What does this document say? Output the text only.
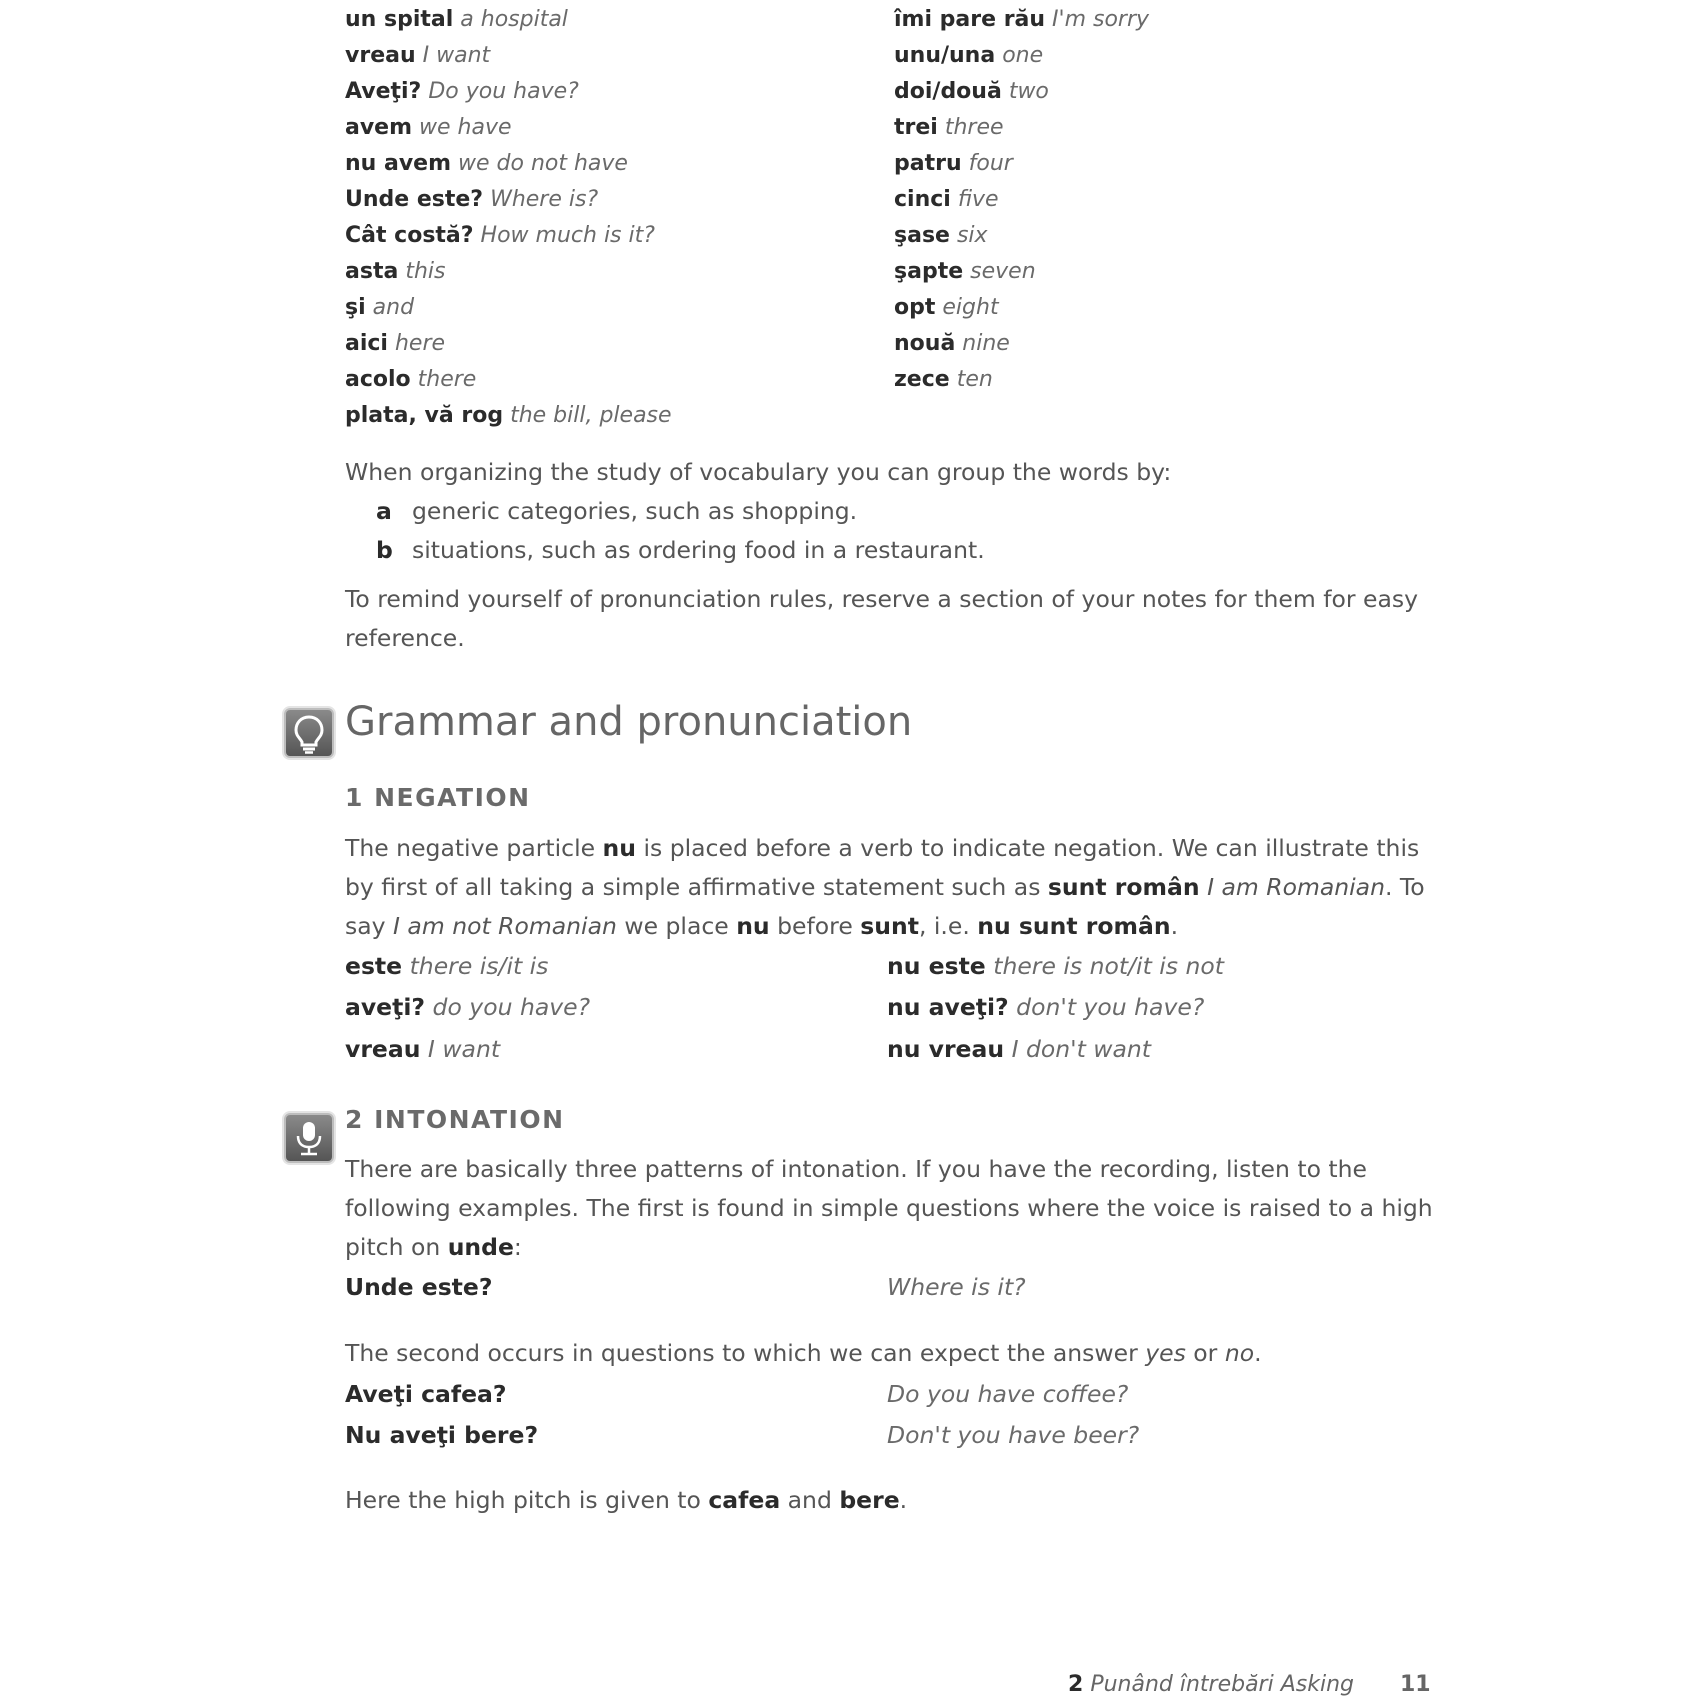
un spital a hospital
vreau I want
Aveţi? Do you have?
avem we have
nu avem we do not have
Unde este? Where is?
Cât costă? How much is it?
asta this
şi and
aici here
acolo there
plata, vă rog the bill, please
îmi pare rău I'm sorry
unu/una one
doi/două two
trei three
patru four
cinci five
şase six
şapte seven
opt eight
nouă nine
zece ten
When organizing the study of vocabulary you can group the words by:
a generic categories, such as shopping.
b situations, such as ordering food in a restaurant.
To remind yourself of pronunciation rules, reserve a section of your notes for them for easy reference.
Grammar and pronunciation
1 NEGATION
The negative particle nu is placed before a verb to indicate negation. We can illustrate this by first of all taking a simple affirmative statement such as sunt român I am Romanian. To say I am not Romanian we place nu before sunt, i.e. nu sunt român.
este there is/it is	nu este there is not/it is not
aveţi? do you have?	nu aveţi? don't you have?
vreau I want	nu vreau I don't want
2 INTONATION
There are basically three patterns of intonation. If you have the recording, listen to the following examples. The first is found in simple questions where the voice is raised to a high pitch on unde:
Unde este?	Where is it?
The second occurs in questions to which we can expect the answer yes or no.
Aveţi cafea?	Do you have coffee?
Nu aveţi bere?	Don't you have beer?
Here the high pitch is given to cafea and bere.
2 Punând întrebări Asking 11
